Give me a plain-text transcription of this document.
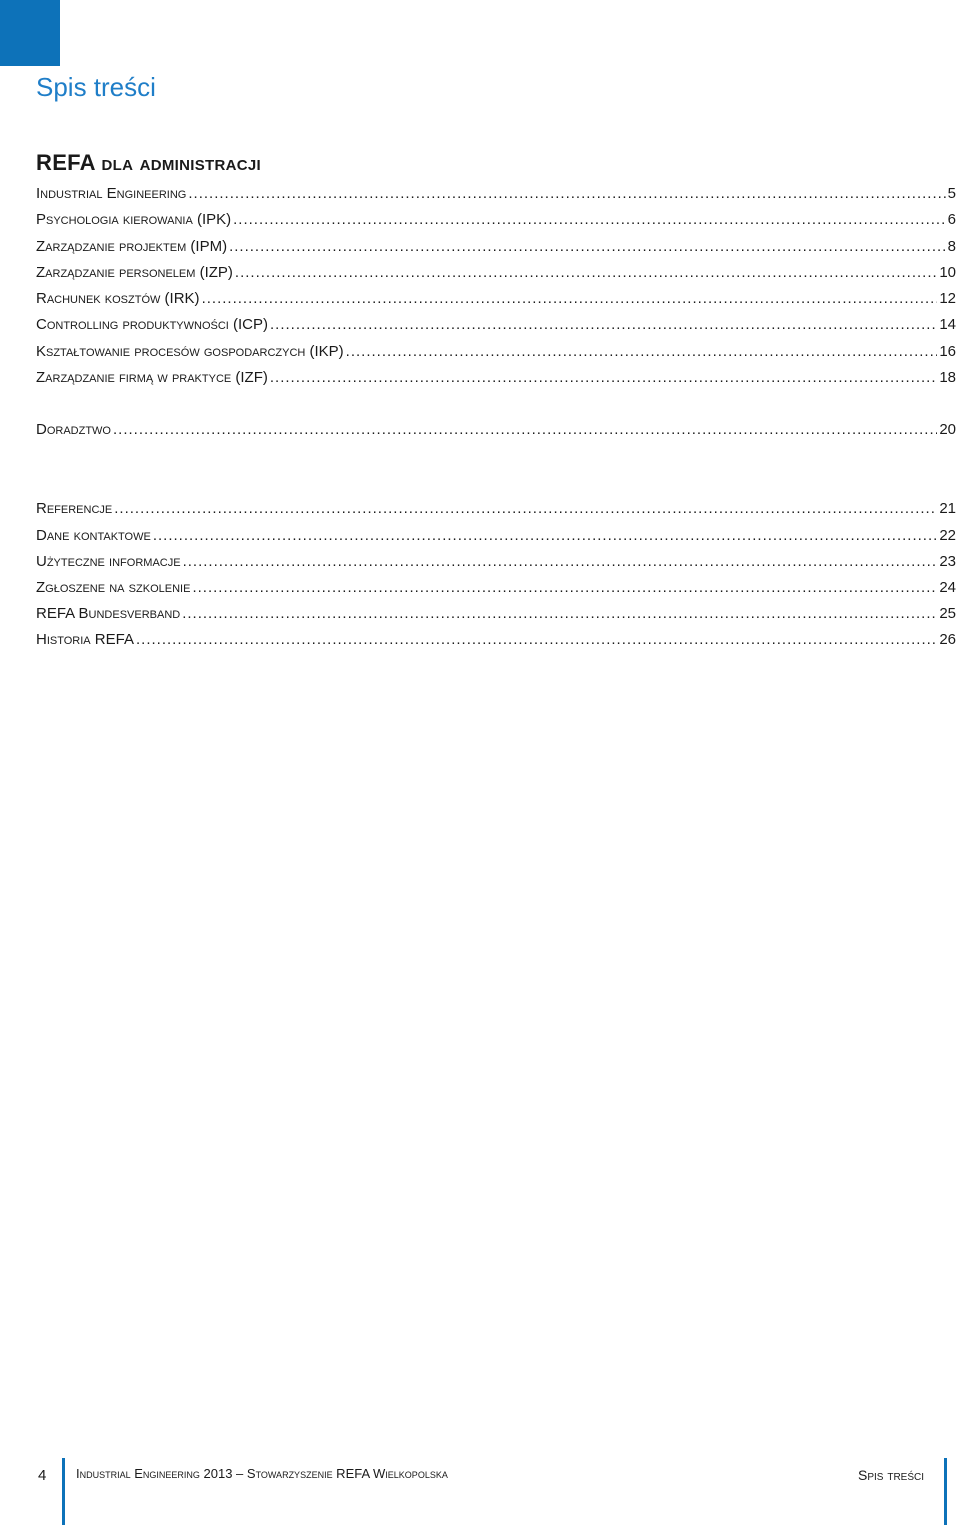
Spis treści
REFA dla administracji
Industrial Engineering .....	5
Psychologia kierowania (IPK) .....	6
Zarządzanie projektem (IPM) .....	8
Zarządzanie personelem (IZP) .....	10
Rachunek kosztów (IRK) .....	12
Controlling produktywności (ICP) .....	14
Kształtowanie procesów gospodarczych (IKP) .....	16
Zarządzanie firmą w praktyce (IZF) .....	18
Doradztwo .....	20
Referencje .....	21
Dane kontaktowe .....	22
Użyteczne informacje .....	23
Zgłoszene na szkolenie .....	24
REFA Bundesverband .....	25
Historia REFA .....	26
4 Industrial Engineering 2013 – Stowarzyszenie REFA Wielkopolska	Spis treści
